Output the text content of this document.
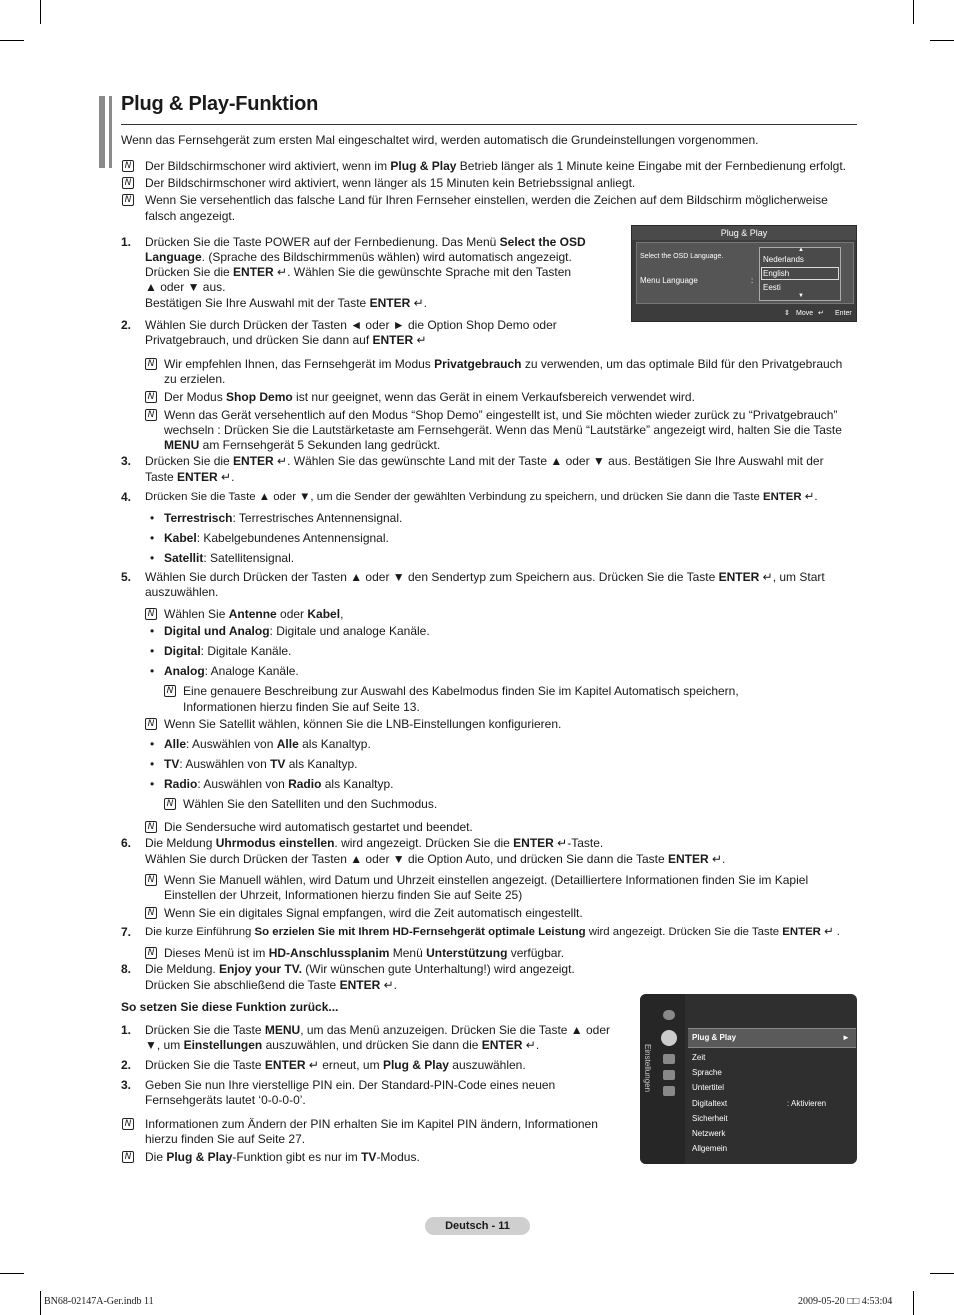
Plug & Play-Funktion
Wenn das Fernsehgerät zum ersten Mal eingeschaltet wird, werden automatisch die Grundeinstellungen vorgenommen.
N Der Bildschirmschoner wird aktiviert, wenn im Plug & Play Betrieb länger als 1 Minute keine Eingabe mit der Fernbedienung erfolgt.
N Der Bildschirmschoner wird aktiviert, wenn länger als 15 Minuten kein Betriebssignal anliegt.
N Wenn Sie versehentlich das falsche Land für Ihren Fernseher einstellen, werden die Zeichen auf dem Bildschirm möglicherweise
falsch angezeigt.
1. Drücken Sie die Taste POWER auf der Fernbedienung. Das Menü Select the OSD
Language. (Sprache des Bildschirmmenüs wählen) wird automatisch angezeigt.
Drücken Sie die ENTER ↵. Wählen Sie die gewünschte Sprache mit den Tasten
▲ oder ▼ aus.
Bestätigen Sie Ihre Auswahl mit der Taste ENTER ↵.
Plug & Play
Select the OSD Language.
Menu Language	:
▲
Nederlands
English
Eesti
▼
⇕ Move ↵ Enter
2. Wählen Sie durch Drücken der Tasten ◄ oder ► die Option Shop Demo oder
Privatgebrauch, und drücken Sie dann auf ENTER ↵
N Wir empfehlen Ihnen, das Fernsehgerät im Modus Privatgebrauch zu verwenden, um das optimale Bild für den Privatgebrauch
zu erzielen.
N Der Modus Shop Demo ist nur geeignet, wenn das Gerät in einem Verkaufsbereich verwendet wird.
N Wenn das Gerät versehentlich auf den Modus “Shop Demo” eingestellt ist, und Sie möchten wieder zurück zu “Privatgebrauch”
wechseln : Drücken Sie die Lautstärketaste am Fernsehgerät. Wenn das Menü “Lautstärke” angezeigt wird, halten Sie die Taste
MENU am Fernsehgerät 5 Sekunden lang gedrückt.
3. Drücken Sie die ENTER ↵. Wählen Sie das gewünschte Land mit der Taste ▲ oder ▼ aus. Bestätigen Sie Ihre Auswahl mit der
Taste ENTER ↵.
4. Drücken Sie die Taste ▲ oder ▼, um die Sender der gewählten Verbindung zu speichern, und drücken Sie dann die Taste ENTER ↵.
• Terrestrisch: Terrestrisches Antennensignal.
• Kabel: Kabelgebundenes Antennensignal.
• Satellit: Satellitensignal.
5. Wählen Sie durch Drücken der Tasten ▲ oder ▼ den Sendertyp zum Speichern aus. Drücken Sie die Taste ENTER ↵, um Start
auszuwählen.
N Wählen Sie Antenne oder Kabel,
• Digital und Analog: Digitale und analoge Kanäle.
• Digital: Digitale Kanäle.
• Analog: Analoge Kanäle.
N Eine genauere Beschreibung zur Auswahl des Kabelmodus finden Sie im Kapitel Automatisch speichern,
Informationen hierzu finden Sie auf Seite 13.
N Wenn Sie Satellit wählen, können Sie die LNB-Einstellungen konfigurieren.
• Alle: Auswählen von Alle als Kanaltyp.
• TV: Auswählen von TV als Kanaltyp.
• Radio: Auswählen von Radio als Kanaltyp.
N Wählen Sie den Satelliten und den Suchmodus.
N Die Sendersuche wird automatisch gestartet und beendet.
6. Die Meldung Uhrmodus einstellen. wird angezeigt. Drücken Sie die ENTER ↵-Taste.
Wählen Sie durch Drücken der Tasten ▲ oder ▼ die Option Auto, und drücken Sie dann die Taste ENTER ↵.
N Wenn Sie Manuell wählen, wird Datum und Uhrzeit einstellen angezeigt. (Detailliertere Informationen finden Sie im Kapiel
Einstellen der Uhrzeit, Informationen hierzu finden Sie auf Seite 25)
N Wenn Sie ein digitales Signal empfangen, wird die Zeit automatisch eingestellt.
7. Die kurze Einführung So erzielen Sie mit Ihrem HD-Fernsehgerät optimale Leistung wird angezeigt. Drücken Sie die Taste ENTER ↵ .
N Dieses Menü ist im HD-Anschlussplanim Menü Unterstützung verfügbar.
8. Die Meldung. Enjoy your TV. (Wir wünschen gute Unterhaltung!) wird angezeigt.
Drücken Sie abschließend die Taste ENTER ↵.
So setzen Sie diese Funktion zurück...
1. Drücken Sie die Taste MENU, um das Menü anzuzeigen. Drücken Sie die Taste ▲ oder
▼, um Einstellungen auszuwählen, und drücken Sie dann die ENTER ↵.
2. Drücken Sie die Taste ENTER ↵ erneut, um Plug & Play auszuwählen.
3. Geben Sie nun Ihre vierstellige PIN ein. Der Standard-PIN-Code eines neuen
Fernsehgeräts lautet ‘0-0-0-0’.
N Informationen zum Ändern der PIN erhalten Sie im Kapitel PIN ändern, Informationen
hierzu finden Sie auf Seite 27.
N Die Plug & Play-Funktion gibt es nur im TV-Modus.
Einstellungen
Plug & Play	►
Zeit
Sprache
Untertitel
Digitaltext	: Aktivieren
Sicherheit
Netzwerk
Allgemein
Deutsch - 11
BN68-02147A-Ger.indb 11	2009-05-20 □□ 4:53:04
